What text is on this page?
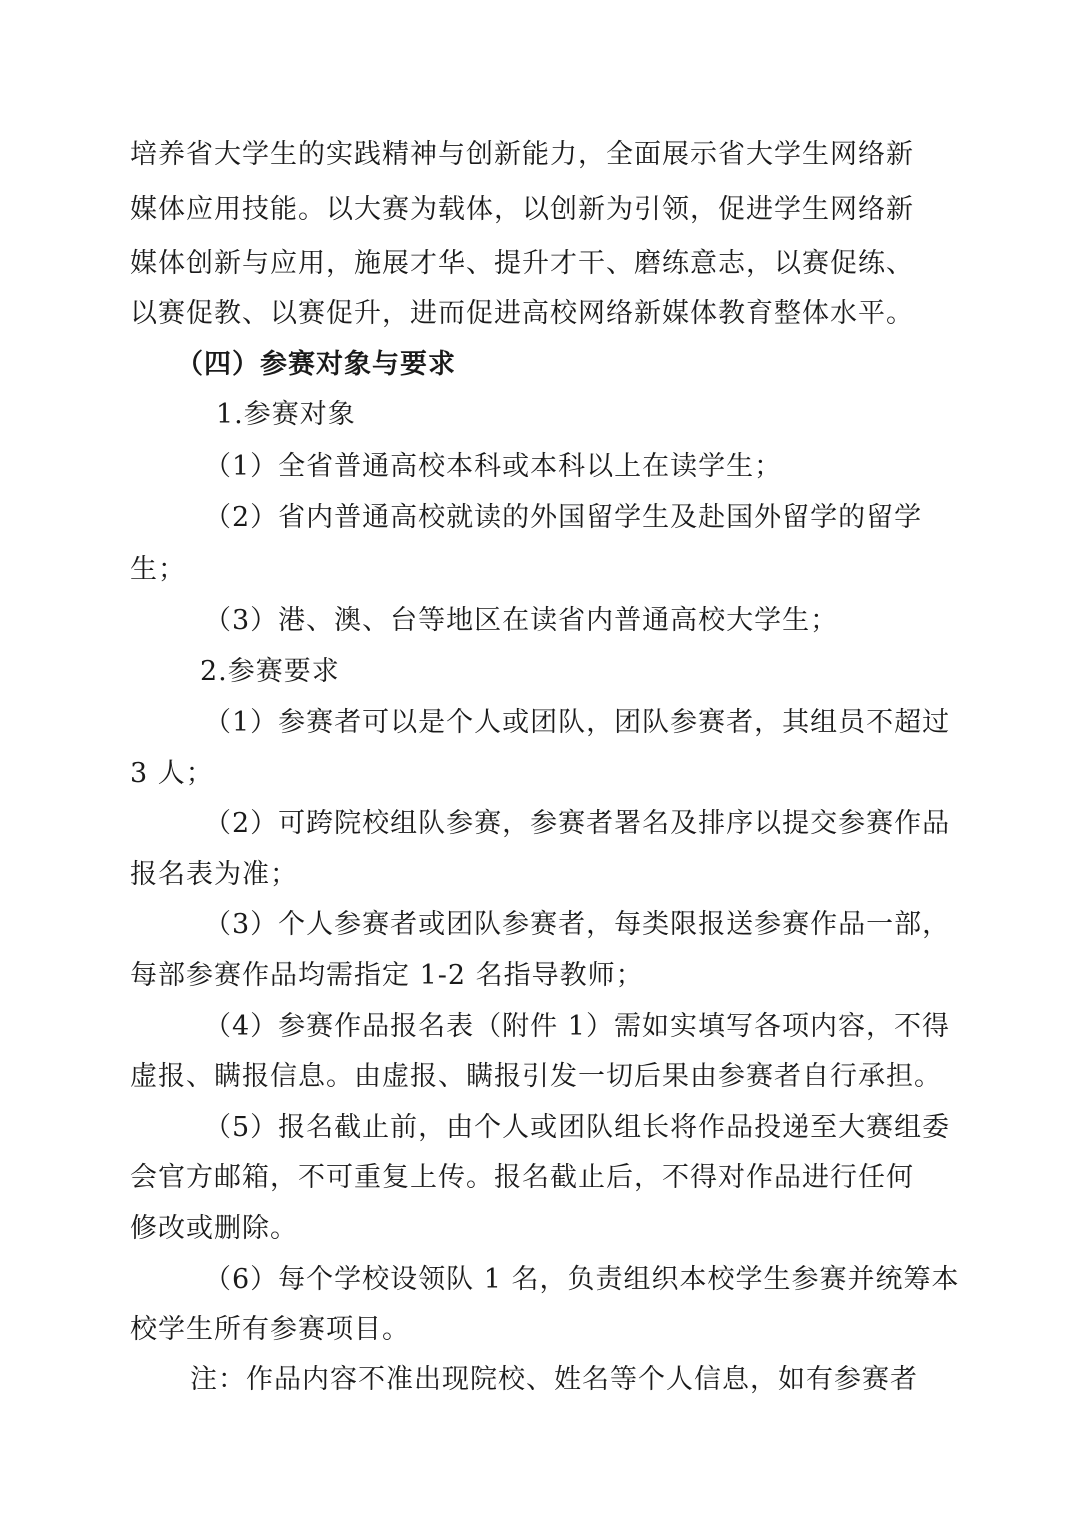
培养省大学生的实践精神与创新能力，全面展示省大学生网络新
媒体应用技能。以大赛为载体，以创新为引领，促进学生网络新
媒体创新与应用，施展才华、提升才干、磨练意志，以赛促练、
以赛促教、以赛促升，进而促进高校网络新媒体教育整体水平。
（四）参赛对象与要求
1.参赛对象
（1）全省普通高校本科或本科以上在读学生；
（2）省内普通高校就读的外国留学生及赴国外留学的留学
生；
（3）港、澳、台等地区在读省内普通高校大学生；
2.参赛要求
（1）参赛者可以是个人或团队，团队参赛者，其组员不超过
3 人；
（2）可跨院校组队参赛，参赛者署名及排序以提交参赛作品
报名表为准；
（3）个人参赛者或团队参赛者，每类限报送参赛作品一部，
每部参赛作品均需指定 1-2 名指导教师；
（4）参赛作品报名表（附件 1）需如实填写各项内容，不得
虚报、瞒报信息。由虚报、瞒报引发一切后果由参赛者自行承担。
（5）报名截止前，由个人或团队组长将作品投递至大赛组委
会官方邮箱，不可重复上传。报名截止后，不得对作品进行任何
修改或删除。
（6）每个学校设领队 1 名，负责组织本校学生参赛并统筹本
校学生所有参赛项目。
注：作品内容不准出现院校、姓名等个人信息，如有参赛者
